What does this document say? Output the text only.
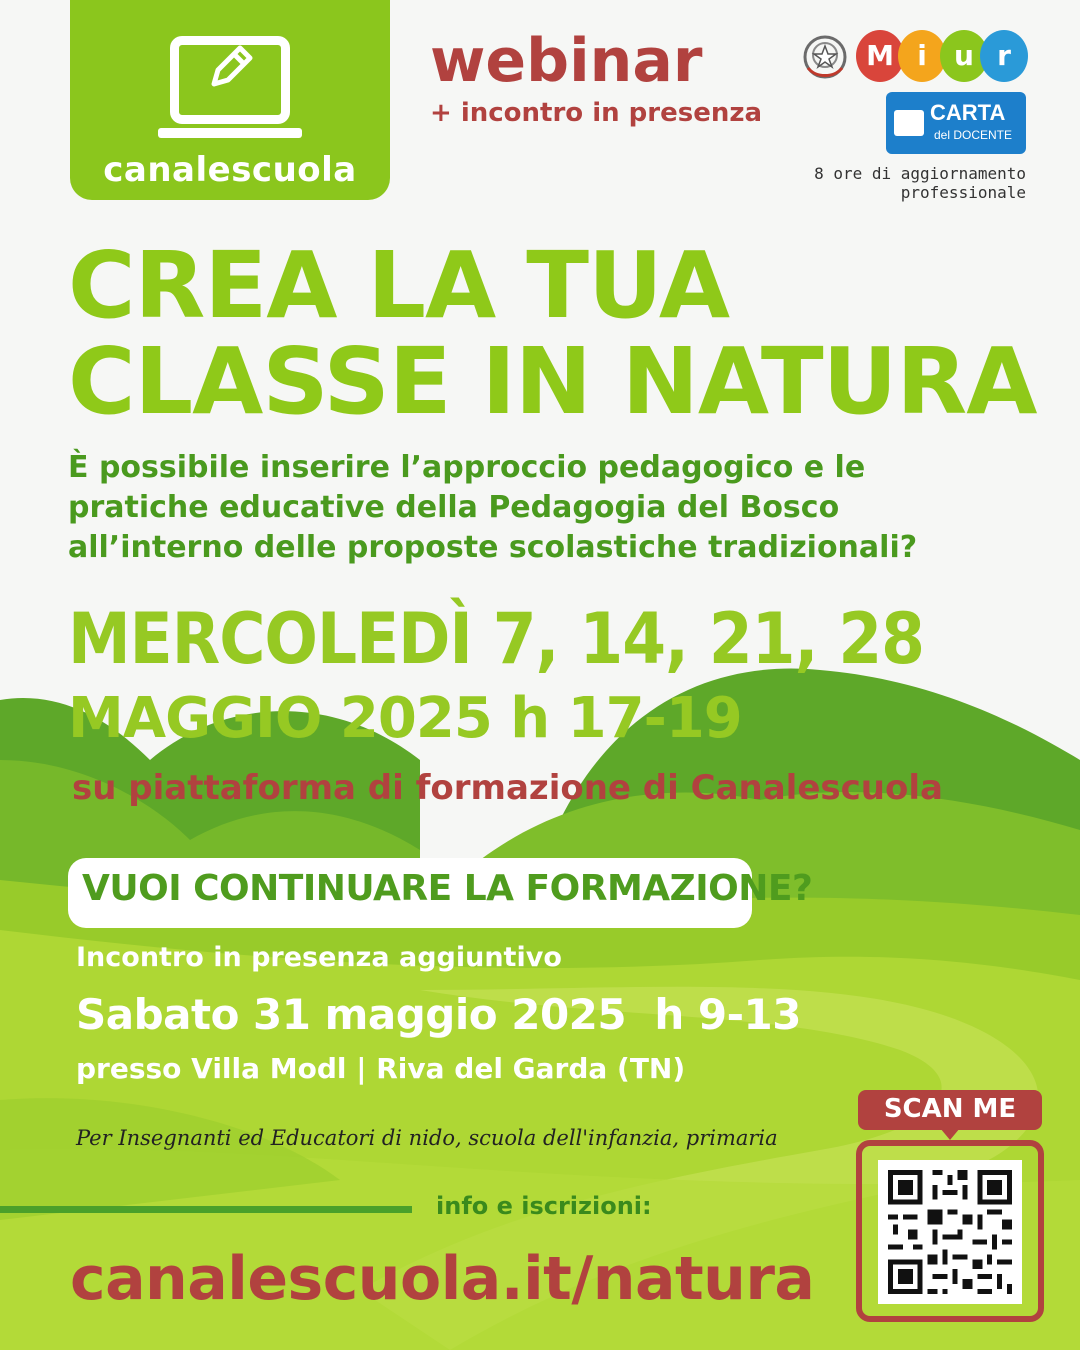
canalescuola
webinar
+ incontro in presenza
M i u r
CARTA
del DOCENTE
8 ore di aggiornamento
professionale
CREA LA TUA
CLASSE IN NATURA
È possibile inserire l’approccio pedagogico e le
pratiche educative della Pedagogia del Bosco
all’interno delle proposte scolastiche tradizionali?
MERCOLEDÌ 7, 14, 21, 28
MAGGIO 2025 h 17-19
su piattaforma di formazione di Canalescuola
VUOI CONTINUARE LA FORMAZIONE?
Incontro in presenza aggiuntivo
Sabato 31 maggio 2025  h 9-13
presso Villa Modl | Riva del Garda (TN)
Per Insegnanti ed Educatori di nido, scuola dell'infanzia, primaria
info e iscrizioni:
canalescuola.it/natura
SCAN ME
